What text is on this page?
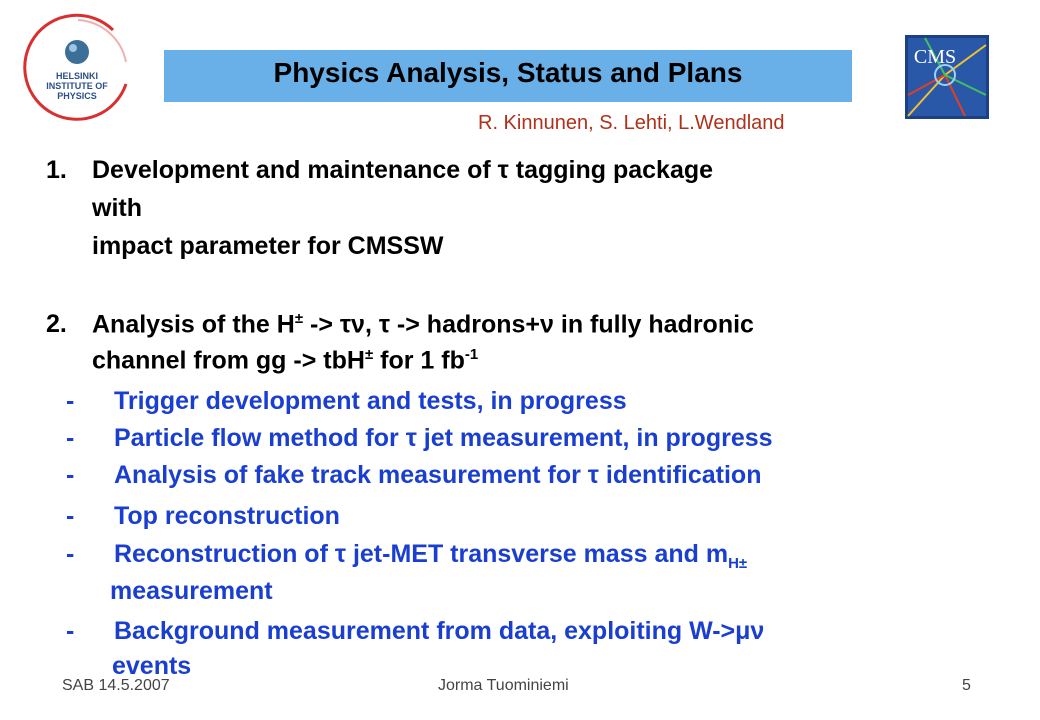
HELSINKI
INSTITUTE OF
PHYSICS
CMS
Physics Analysis, Status and Plans
R. Kinnunen, S. Lehti, L.Wendland
1. Development and maintenance of τ tagging package
with
impact parameter for CMSSW
2. Analysis of the H± -> τν, τ -> hadrons+ν in fully hadronic
channel from gg -> tbH± for 1 $fb^{-1}$
- Trigger development and tests, in progress
- Particle flow method for τ jet measurement, in progress
- Analysis of fake track measurement for τ identification
- Top reconstruction
- Reconstruction of τ jet-MET transverse mass and $m_{H\pm}$
measurement
- Background measurement from data, exploiting W->μν
events
SAB 14.5.2007	Jorma Tuominiemi	5
